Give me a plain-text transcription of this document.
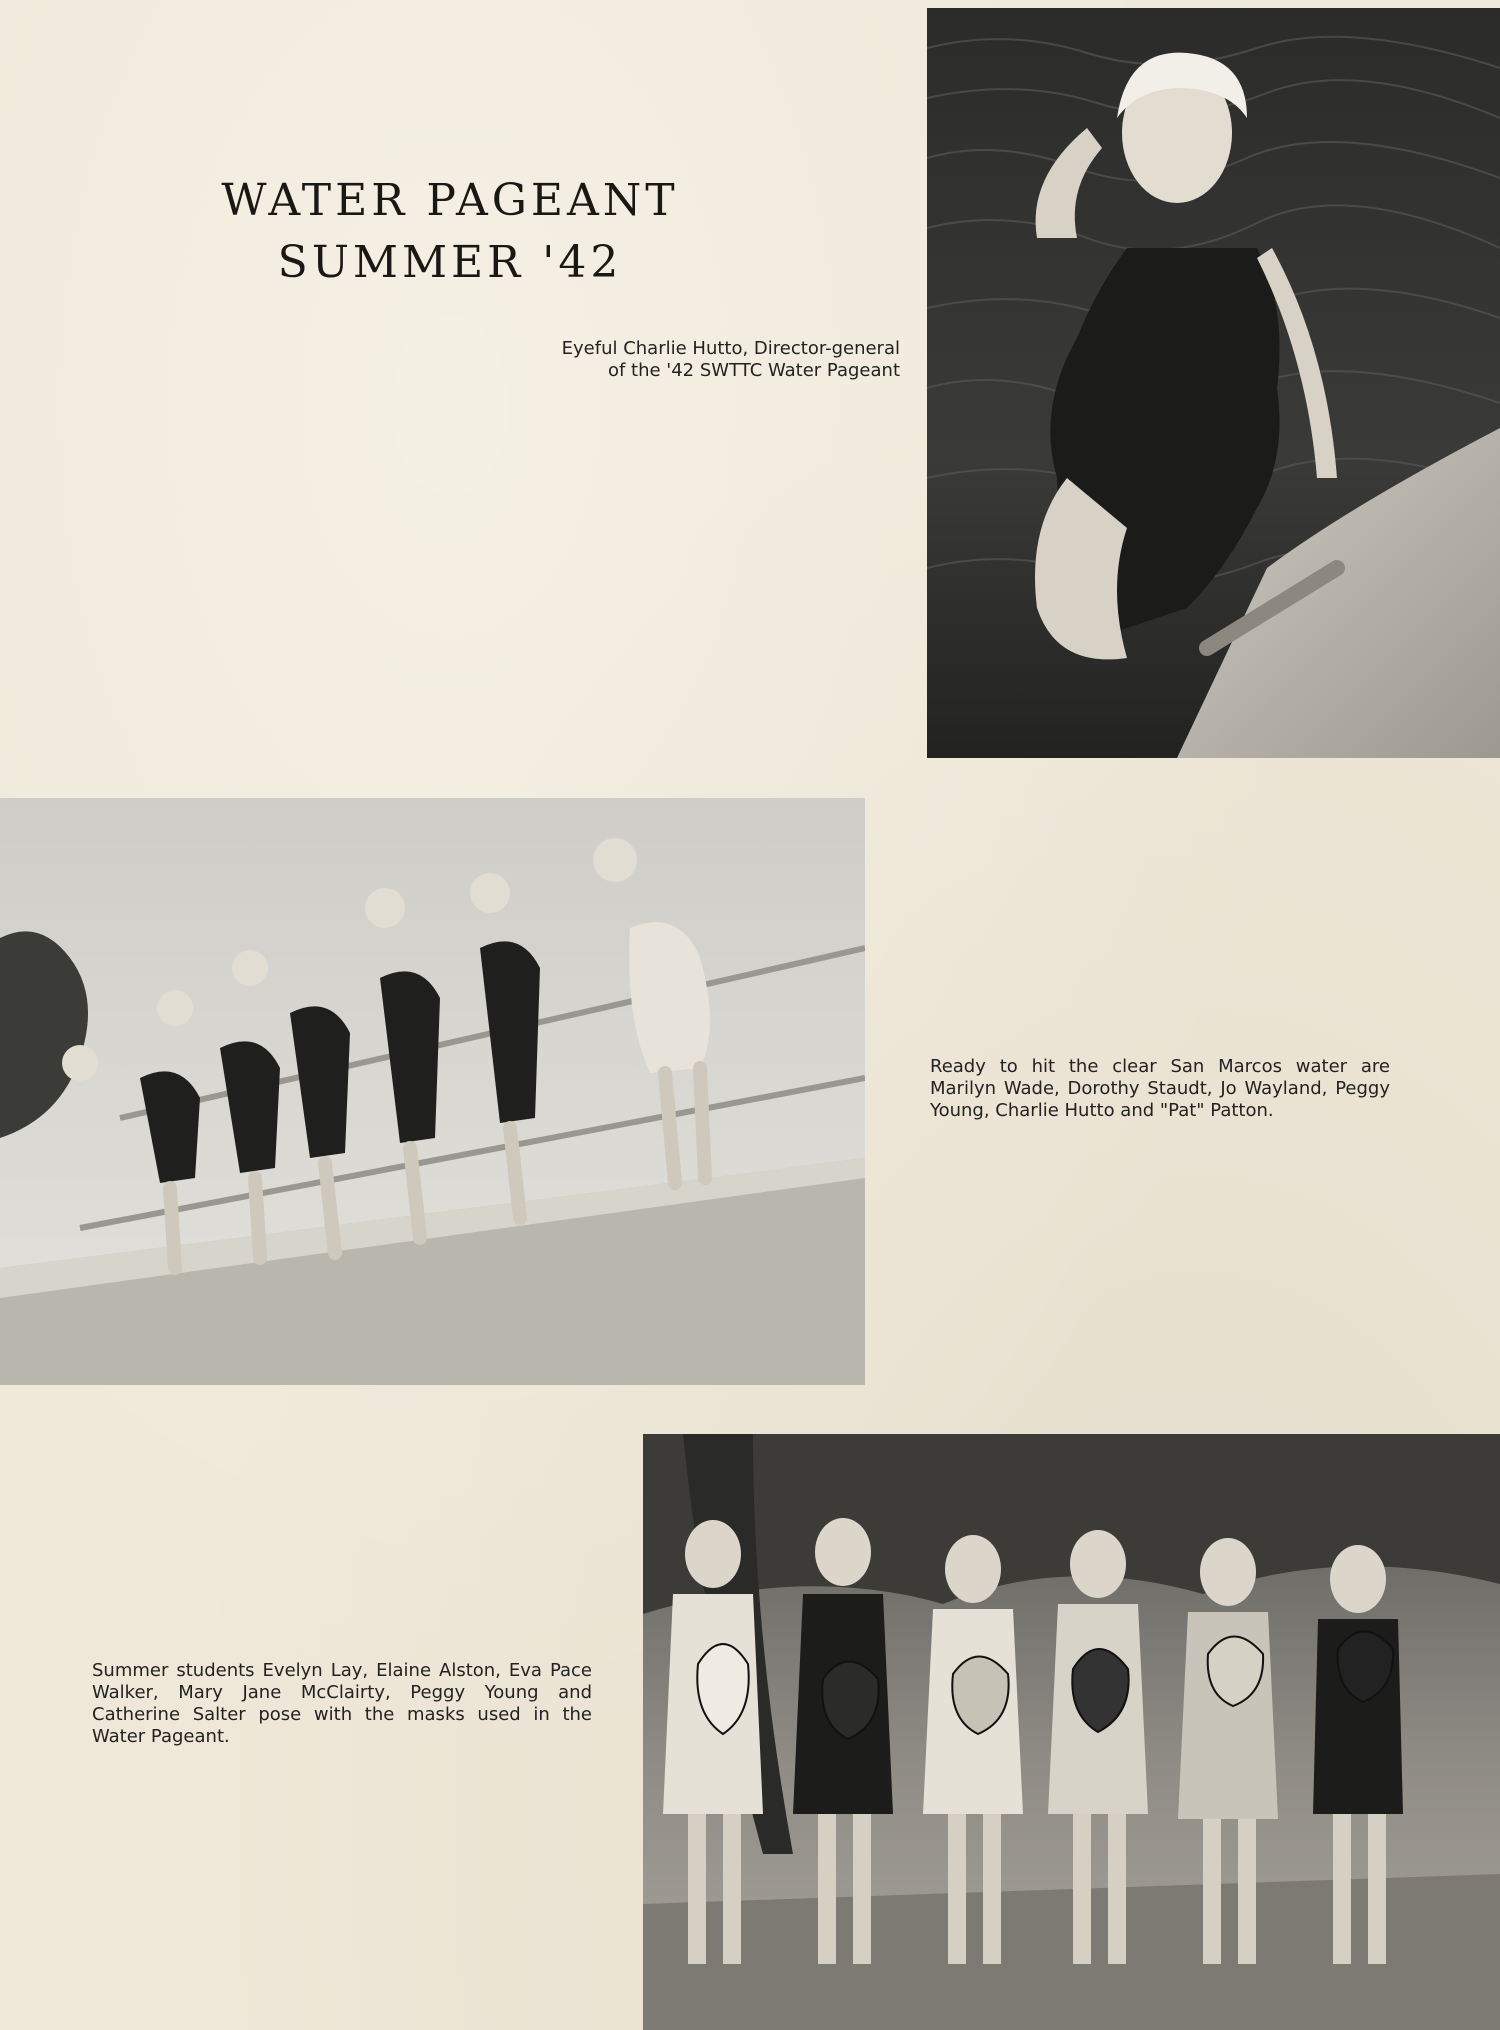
WATER PAGEANT
SUMMER '42

Eyeful Charlie Hutto, Director-general of the '42 SWTTC Water Pageant

Ready to hit the clear San Marcos water are Marilyn Wade, Dorothy Staudt, Jo Wayland, Peggy Young, Charlie Hutto and "Pat" Patton.

Summer students Evelyn Lay, Elaine Alston, Eva Pace Walker, Mary Jane McClairty, Peggy Young and Catherine Salter pose with the masks used in the Water Pageant.
